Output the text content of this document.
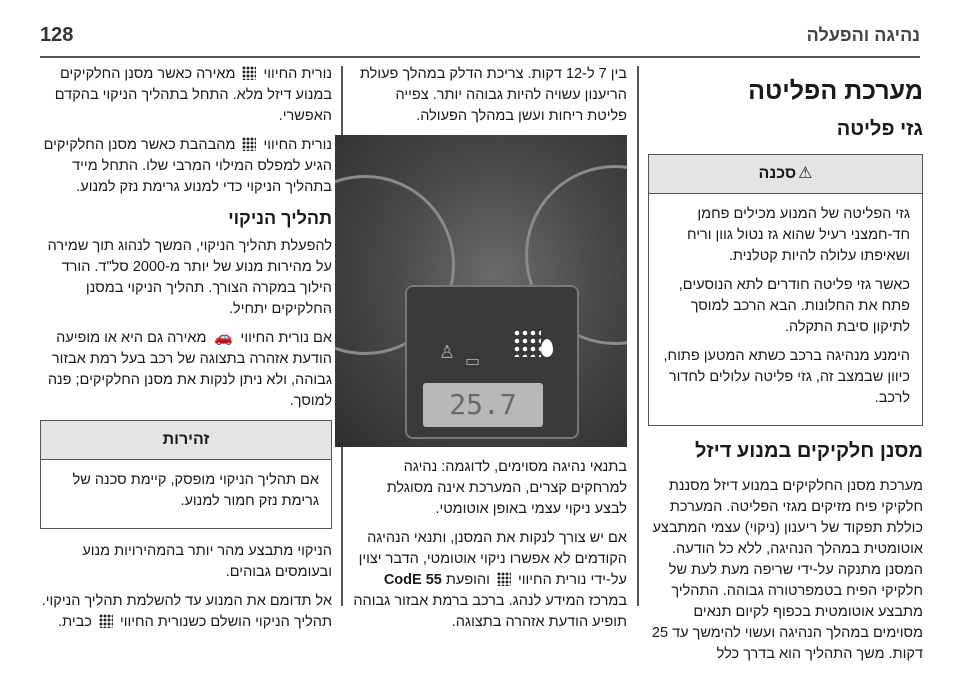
128	נהיגה והפעלה
מערכת הפליטה
גזי פליטה
⚠סכנה

גזי הפליטה של המנוע מכילים פחמן חד-חמצני רעיל שהוא גז נטול גוון וריח ושאיפתו עלולה להיות קטלנית.

כאשר גזי פליטה חודרים לתא הנוסעים, פתח את החלונות. הבא הרכב למוסך לתיקון סיבת התקלה.

הימנע מנהיגה ברכב כשתא המטען פתוח, כיוון שבמצב זה, גזי פליטה עלולים לחדור לרכב.

מסנן חלקיקים במנוע דיזל

מערכת מסנן החלקיקים במנוע דיזל מסננת חלקיקי פיח מזיקים מגזי הפליטה. המערכת כוללת תפקוד של ריענון (ניקוי) עצמי המתבצע אוטומטית במהלך הנהיגה, ללא כל הודעה. המסנן מתנקה על-ידי שריפה מעת לעת של חלקיקי הפיח בטמפרטורה גבוהה. התהליך מתבצע אוטומטית בכפוף לקיום תנאים מסוימים במהלך הנהיגה ועשוי להימשך עד 25 דקות. משך התהליך הוא בדרך כלל

בין 7 ל-12 דקות. צריכת הדלק במהלך פעולת הריענון עשויה להיות גבוהה יותר. צפייה פליטת ריחות ועשן במהלך הפעולה.

♙ ▭
25.7

בתנאי נהיגה מסוימים, לדוגמה: נהיגה למרחקים קצרים, המערכת אינה מסוגלת לבצע ניקוי עצמי באופן אוטומטי.

אם יש צורך לנקות את המסנן, ותנאי הנהיגה הקודמים לא אפשרו ניקוי אוטומטי, הדבר יצוין על-ידי נורית החיווי  והופעת CodE 55 במרכז המידע לנהג. ברכב ברמת אבזור גבוהה תופיע הודעת אזהרה בתצוגה.

נורית החיווי  מאירה כאשר מסנן החלקיקים במנוע דיזל מלא. התחל בתהליך הניקוי בהקדם האפשרי.

נורית החיווי  מהבהבת כאשר מסנן החלקיקים הגיע למפלס המילוי המרבי שלו. התחל מייד בתהליך הניקוי כדי למנוע גרימת נזק למנוע.

תהליך הניקוי

להפעלת תהליך הניקוי, המשך לנהוג תוך שמירה על מהירות מנוע של יותר מ-2000 סל"ד. הורד הילוך במקרה הצורך. תהליך הניקוי במסנן החלקיקים יתחיל.

אם נורית החיווי 🚗 מאירה גם היא או מופיעה הודעת אזהרה בתצוגה של רכב בעל רמת אבזור גבוהה, ולא ניתן לנקות את מסנן החלקיקים; פנה למוסך.

זהירות

אם תהליך הניקוי מופסק, קיימת סכנה של גרימת נזק חמור למנוע.

הניקוי מתבצע מהר יותר בהמהירויות מנוע ובעומסים גבוהים.

אל תדומם את המנוע עד להשלמת תהליך הניקוי. תהליך הניקוי הושלם כשנורית החיווי  כבית.
